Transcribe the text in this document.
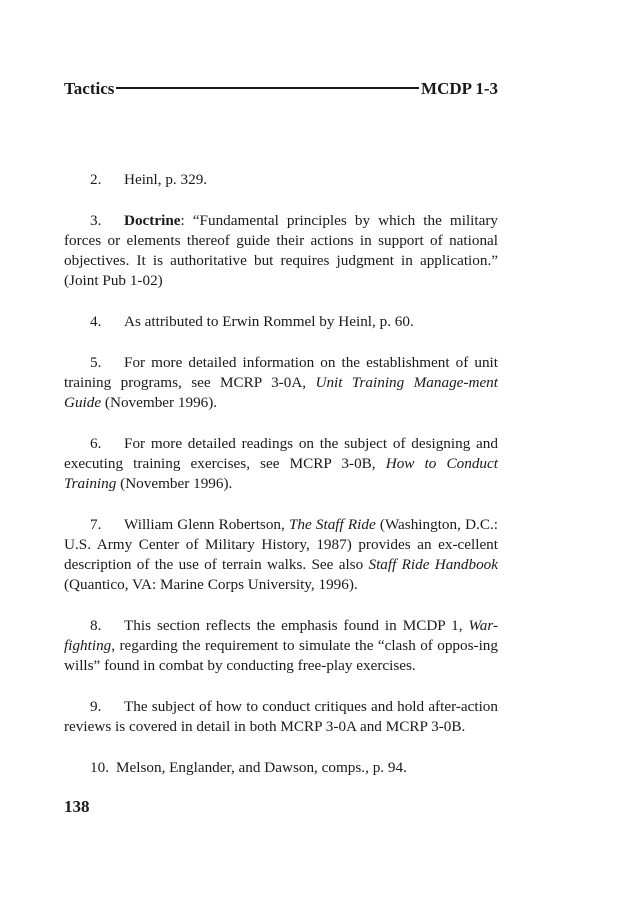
Tactics	MCDP 1-3

2. Heinl, p. 329.

3. Doctrine: “Fundamental principles by which the military forces or elements thereof guide their actions in support of national objectives. It is authoritative but requires judgment in application.” (Joint Pub 1-02)

4. As attributed to Erwin Rommel by Heinl, p. 60.

5. For more detailed information on the establishment of unit training programs, see MCRP 3-0A, Unit Training Manage-ment Guide (November 1996).

6. For more detailed readings on the subject of designing and executing training exercises, see MCRP 3-0B, How to Conduct Training (November 1996).

7. William Glenn Robertson, The Staff Ride (Washington, D.C.: U.S. Army Center of Military History, 1987) provides an ex-cellent description of the use of terrain walks. See also Staff Ride Handbook (Quantico, VA: Marine Corps University, 1996).

8. This section reflects the emphasis found in MCDP 1, War-fighting, regarding the requirement to simulate the “clash of oppos-ing wills” found in combat by conducting free-play exercises.

9. The subject of how to conduct critiques and hold after-action reviews is covered in detail in both MCRP 3-0A and MCRP 3-0B.

10. Melson, Englander, and Dawson, comps., p. 94.

138
